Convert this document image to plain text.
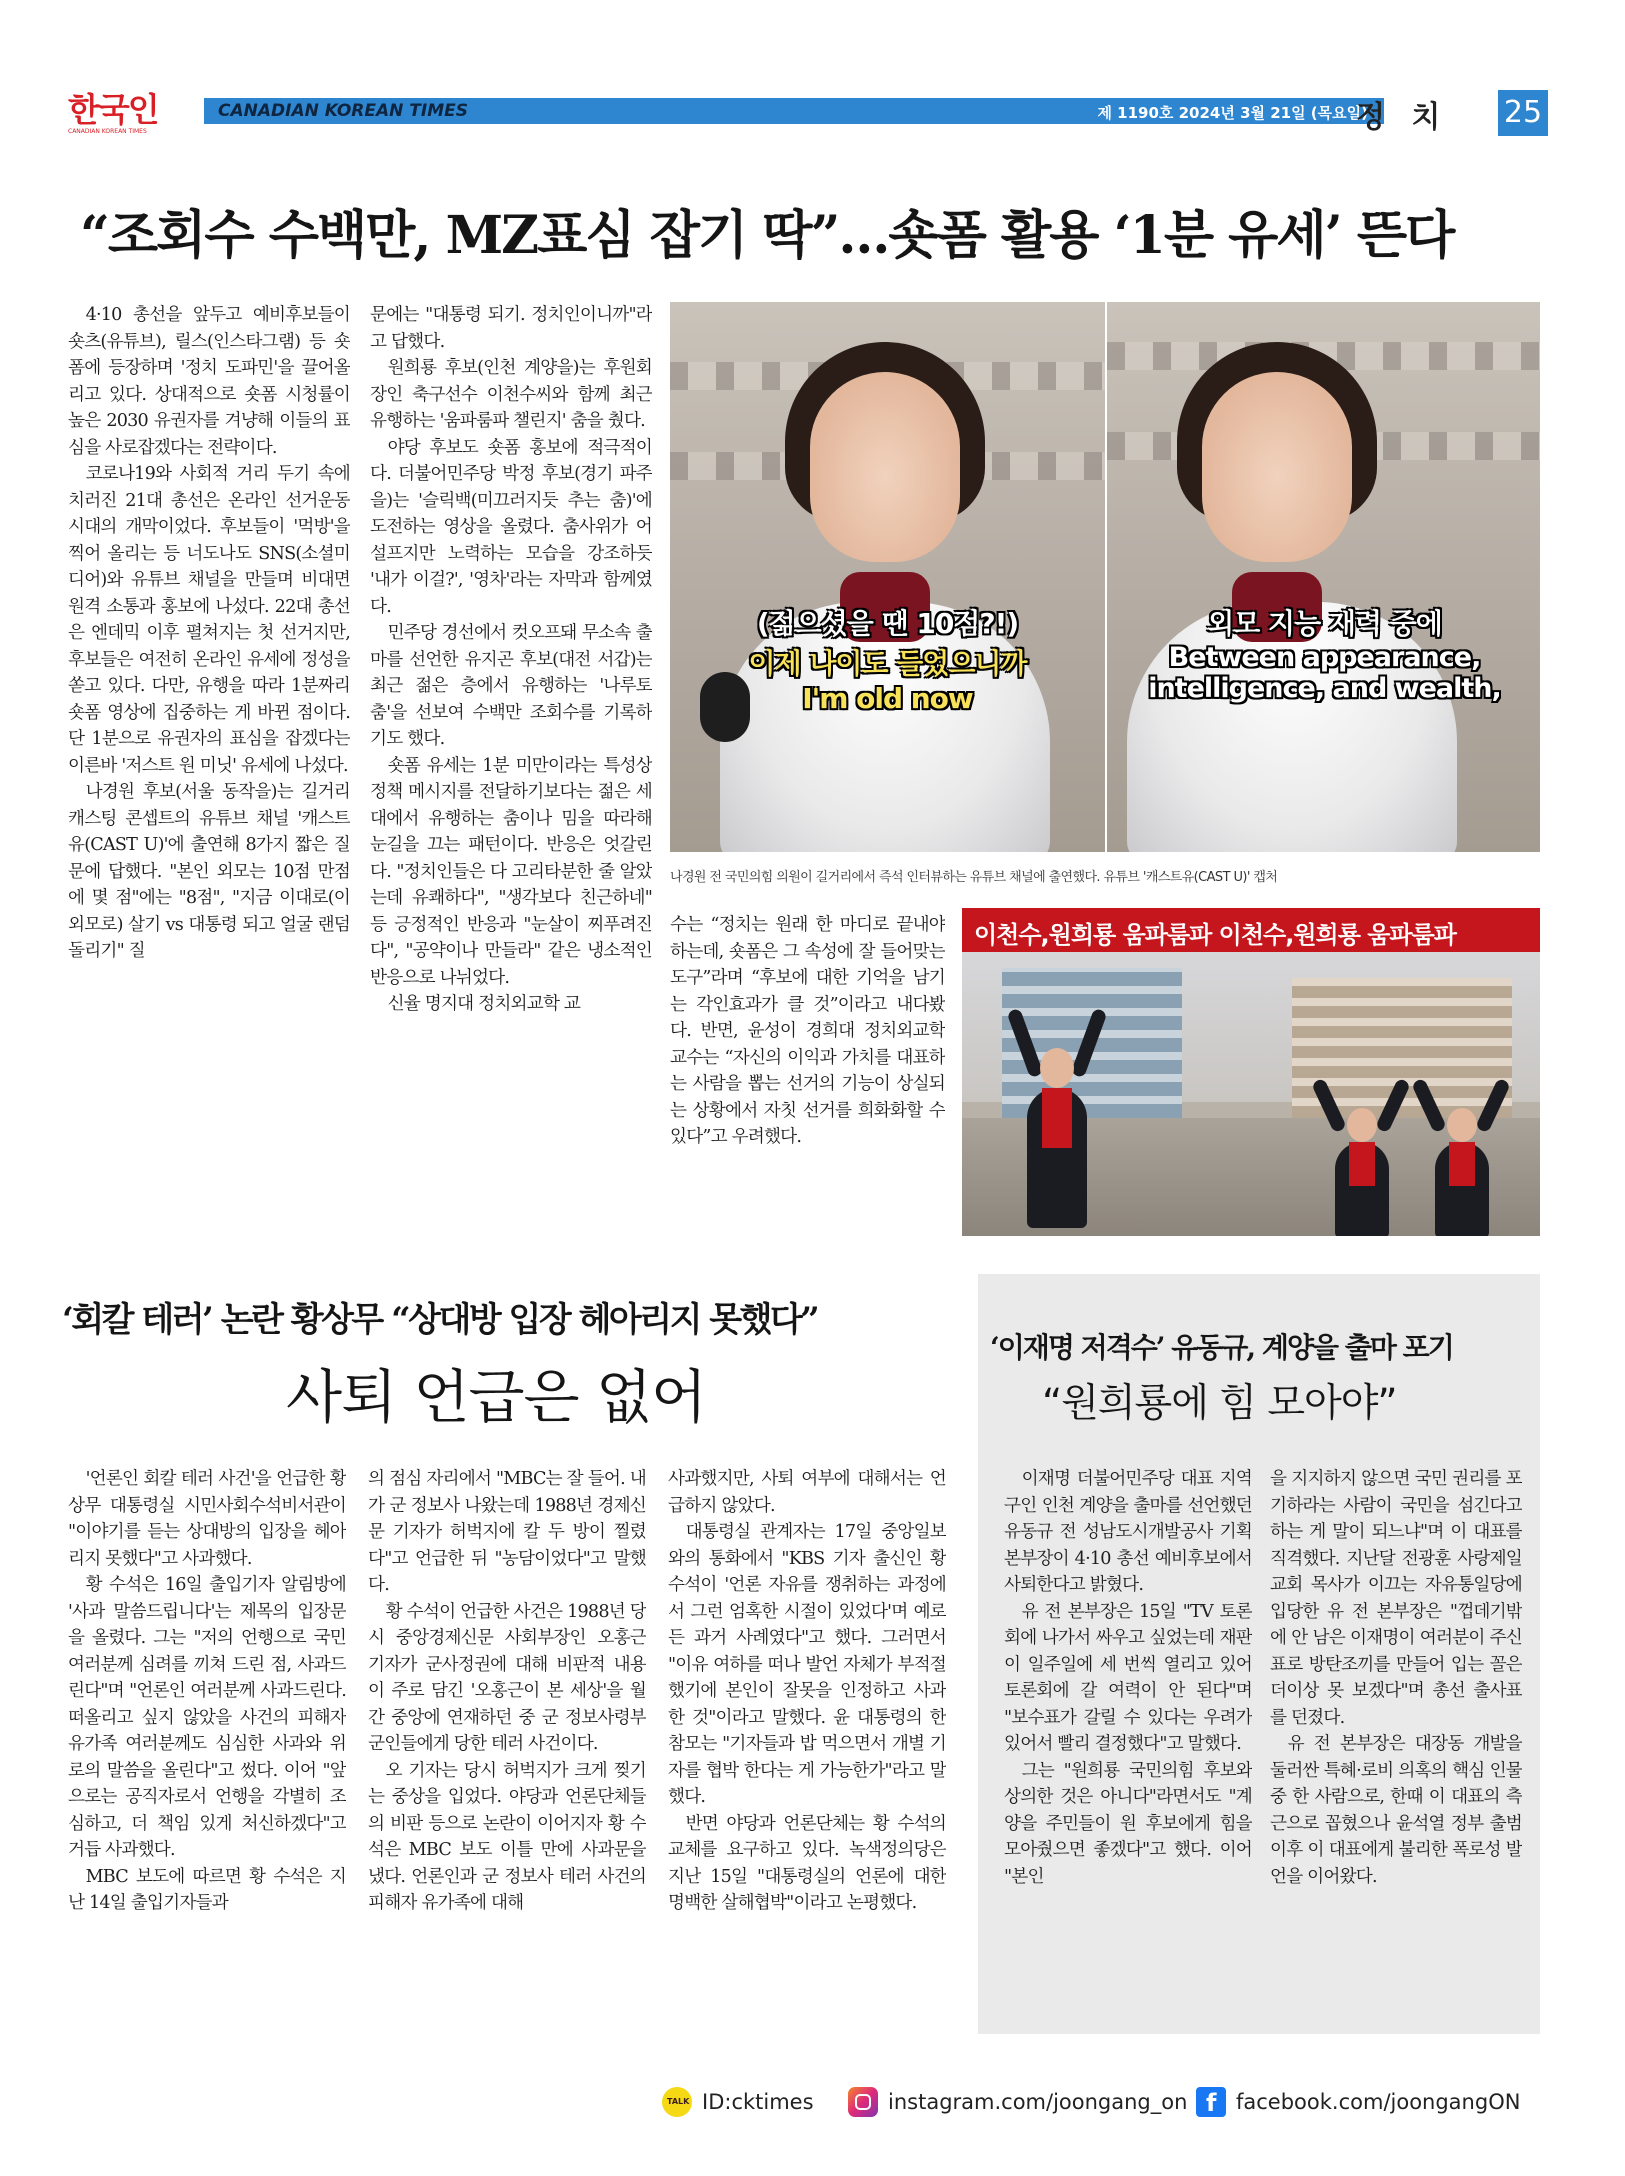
한국인
CANADIAN KOREAN TIMES
CANADIAN KOREAN TIMES	제 1190호 2024년 3월 21일 (목요일)
정 치 25
“조회수 수백만, MZ표심 잡기 딱”…숏폼 활용 ‘1분 유세’ 뜬다

4·10 총선을 앞두고 예비후보들이 숏츠(유튜브), 릴스(인스타그램) 등 숏폼에 등장하며 '정치 도파민'을 끌어올리고 있다. 상대적으로 숏폼 시청률이 높은 2030 유권자를 겨냥해 이들의 표심을 사로잡겠다는 전략이다.

코로나19와 사회적 거리 두기 속에 치러진 21대 총선은 온라인 선거운동 시대의 개막이었다. 후보들이 '먹방'을 찍어 올리는 등 너도나도 SNS(소셜미디어)와 유튜브 채널을 만들며 비대면 원격 소통과 홍보에 나섰다. 22대 총선은 엔데믹 이후 펼쳐지는 첫 선거지만, 후보들은 여전히 온라인 유세에 정성을 쏟고 있다. 다만, 유행을 따라 1분짜리 숏폼 영상에 집중하는 게 바뀐 점이다. 단 1분으로 유권자의 표심을 잡겠다는 이른바 '저스트 원 미닛' 유세에 나섰다.

나경원 후보(서울 동작을)는 길거리 캐스팅 콘셉트의 유튜브 채널 '캐스트유(CAST U)'에 출연해 8가지 짧은 질문에 답했다. "본인 외모는 10점 만점에 몇 점"에는 "8점", "지금 이대로(이 외모로) 살기 vs 대통령 되고 얼굴 랜덤 돌리기" 질

문에는 "대통령 되기. 정치인이니까"라고 답했다.

원희룡 후보(인천 계양을)는 후원회장인 축구선수 이천수씨와 함께 최근 유행하는 '움파룸파 챌린지' 춤을 췄다.

야당 후보도 숏폼 홍보에 적극적이다. 더불어민주당 박정 후보(경기 파주을)는 '슬릭백(미끄러지듯 추는 춤)'에 도전하는 영상을 올렸다. 춤사위가 어설프지만 노력하는 모습을 강조하듯 '내가 이걸?', '영차'라는 자막과 함께였다.

민주당 경선에서 컷오프돼 무소속 출마를 선언한 유지곤 후보(대전 서갑)는 최근 젊은 층에서 유행하는 '나루토 춤'을 선보여 수백만 조회수를 기록하기도 했다.

숏폼 유세는 1분 미만이라는 특성상 정책 메시지를 전달하기보다는 젊은 세대에서 유행하는 춤이나 밈을 따라해 눈길을 끄는 패턴이다. 반응은 엇갈린다. "정치인들은 다 고리타분한 줄 알았는데 유쾌하다", "생각보다 친근하네" 등 긍정적인 반응과 "눈살이 찌푸려진다", "공약이나 만들라" 같은 냉소적인 반응으로 나뉘었다.

신율 명지대 정치외교학 교

수는 “정치는 원래 한 마디로 끝내야 하는데, 숏폼은 그 속성에 잘 들어맞는 도구”라며 “후보에 대한 기억을 남기는 각인효과가 클 것”이라고 내다봤다. 반면, 윤성이 경희대 정치외교학 교수는 “자신의 이익과 가치를 대표하는 사람을 뽑는 선거의 기능이 상실되는 상황에서 자칫 선거를 희화화할 수 있다”고 우려했다.

(젊으셨을 땐 10점?!)
이제 나이도 들었으니까
I'm old now
외모 지능 재력 중에
Between appearance,
intelligence, and wealth,
나경원 전 국민의힘 의원이 길거리에서 즉석 인터뷰하는 유튜브 채널에 출연했다. 유튜브 '캐스트유(CAST U)' 캡처
이천수,원희룡 움파룸파 이천수,원희룡 움파룸파
‘회칼 테러’ 논란 황상무 “상대방 입장 헤아리지 못했다”
사퇴 언급은 없어

'언론인 회칼 테러 사건'을 언급한 황상무 대통령실 시민사회수석비서관이 "이야기를 듣는 상대방의 입장을 헤아리지 못했다"고 사과했다.

황 수석은 16일 출입기자 알림방에 '사과 말씀드립니다'는 제목의 입장문을 올렸다. 그는 "저의 언행으로 국민 여러분께 심려를 끼쳐 드린 점, 사과드린다"며 "언론인 여러분께 사과드린다. 떠올리고 싶지 않았을 사건의 피해자 유가족 여러분께도 심심한 사과와 위로의 말씀을 올린다"고 썼다. 이어 "앞으로는 공직자로서 언행을 각별히 조심하고, 더 책임 있게 처신하겠다"고 거듭 사과했다.

MBC 보도에 따르면 황 수석은 지난 14일 출입기자들과

의 점심 자리에서 "MBC는 잘 들어. 내가 군 정보사 나왔는데 1988년 경제신문 기자가 허벅지에 칼 두 방이 찔렸다"고 언급한 뒤 "농담이었다"고 말했다.

황 수석이 언급한 사건은 1988년 당시 중앙경제신문 사회부장인 오홍근 기자가 군사정권에 대해 비판적 내용이 주로 담긴 '오홍근이 본 세상'을 월간 중앙에 연재하던 중 군 정보사령부 군인들에게 당한 테러 사건이다.

오 기자는 당시 허벅지가 크게 찢기는 중상을 입었다. 야당과 언론단체들의 비판 등으로 논란이 이어지자 황 수석은 MBC 보도 이틀 만에 사과문을 냈다. 언론인과 군 정보사 테러 사건의 피해자 유가족에 대해

사과했지만, 사퇴 여부에 대해서는 언급하지 않았다.

대통령실 관계자는 17일 중앙일보와의 통화에서 "KBS 기자 출신인 황 수석이 '언론 자유를 쟁취하는 과정에서 그런 엄혹한 시절이 있었다'며 예로 든 과거 사례였다"고 했다. 그러면서 "이유 여하를 떠나 발언 자체가 부적절했기에 본인이 잘못을 인정하고 사과한 것"이라고 말했다. 윤 대통령의 한 참모는 "기자들과 밥 먹으면서 개별 기자를 협박 한다는 게 가능한가"라고 말했다.

반면 야당과 언론단체는 황 수석의 교체를 요구하고 있다. 녹색정의당은 지난 15일 "대통령실의 언론에 대한 명백한 살해협박"이라고 논평했다.

‘이재명 저격수’ 유동규, 계양을 출마 포기
“원희룡에 힘 모아야”

이재명 더불어민주당 대표 지역구인 인천 계양을 출마를 선언했던 유동규 전 성남도시개발공사 기획본부장이 4·10 총선 예비후보에서 사퇴한다고 밝혔다.

유 전 본부장은 15일 "TV 토론회에 나가서 싸우고 싶었는데 재판이 일주일에 세 번씩 열리고 있어 토론회에 갈 여력이 안 된다"며 "보수표가 갈릴 수 있다는 우려가 있어서 빨리 결정했다"고 말했다.

그는 "원희룡 국민의힘 후보와 상의한 것은 아니다"라면서도 "계양을 주민들이 원 후보에게 힘을 모아줬으면 좋겠다"고 했다. 이어 "본인

을 지지하지 않으면 국민 권리를 포기하라는 사람이 국민을 섬긴다고 하는 게 말이 되느냐"며 이 대표를 직격했다. 지난달 전광훈 사랑제일교회 목사가 이끄는 자유통일당에 입당한 유 전 본부장은 "껍데기밖에 안 남은 이재명이 여러분이 주신 표로 방탄조끼를 만들어 입는 꼴은 더이상 못 보겠다"며 총선 출사표를 던졌다.

유 전 본부장은 대장동 개발을 둘러싼 특혜·로비 의혹의 핵심 인물 중 한 사람으로, 한때 이 대표의 측근으로 꼽혔으나 윤석열 정부 출범 이후 이 대표에게 불리한 폭로성 발언을 이어왔다.

TALK ID:cktimes	instagram.com/joongang_on f facebook.com/joongangON
